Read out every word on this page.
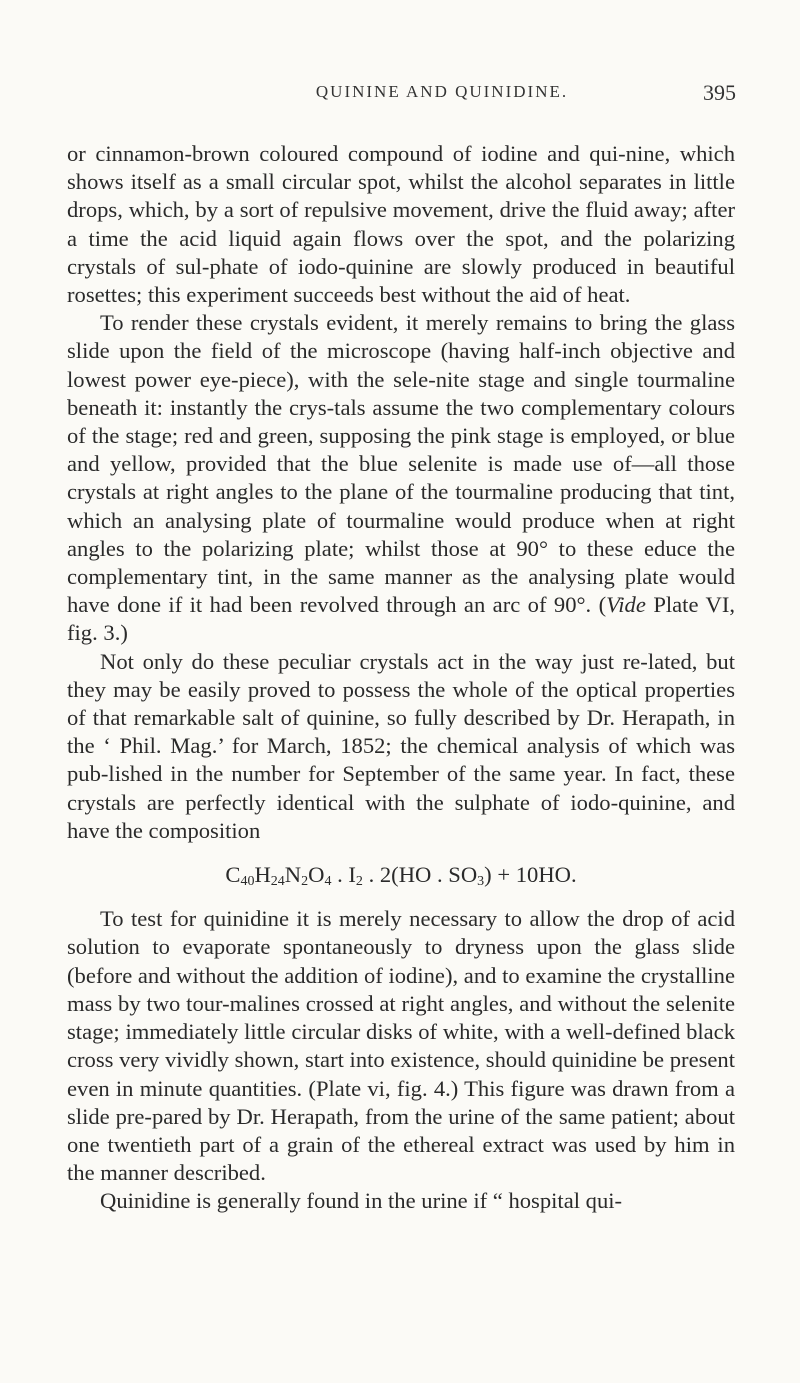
QUININE AND QUINIDINE.	395

or cinnamon-brown coloured compound of iodine and qui-nine, which shows itself as a small circular spot, whilst the alcohol separates in little drops, which, by a sort of repulsive movement, drive the fluid away; after a time the acid liquid again flows over the spot, and the polarizing crystals of sul-phate of iodo-quinine are slowly produced in beautiful rosettes; this experiment succeeds best without the aid of heat.

To render these crystals evident, it merely remains to bring the glass slide upon the field of the microscope (having half-inch objective and lowest power eye-piece), with the sele-nite stage and single tourmaline beneath it: instantly the crys-tals assume the two complementary colours of the stage; red and green, supposing the pink stage is employed, or blue and yellow, provided that the blue selenite is made use of—all those crystals at right angles to the plane of the tourmaline producing that tint, which an analysing plate of tourmaline would produce when at right angles to the polarizing plate; whilst those at 90° to these educe the complementary tint, in the same manner as the analysing plate would have done if it had been revolved through an arc of 90°. (Vide Plate VI, fig. 3.)

Not only do these peculiar crystals act in the way just re-lated, but they may be easily proved to possess the whole of the optical properties of that remarkable salt of quinine, so fully described by Dr. Herapath, in the ‘ Phil. Mag.’ for March, 1852; the chemical analysis of which was pub-lished in the number for September of the same year. In fact, these crystals are perfectly identical with the sulphate of iodo-quinine, and have the composition

$C_{40}H_{24}N_2O_4$ . $I_2$ . 2(HO . $SO_3) + 10HO$.

To test for quinidine it is merely necessary to allow the drop of acid solution to evaporate spontaneously to dryness upon the glass slide (before and without the addition of iodine), and to examine the crystalline mass by two tour-malines crossed at right angles, and without the selenite stage; immediately little circular disks of white, with a well-defined black cross very vividly shown, start into existence, should quinidine be present even in minute quantities. (Plate vi, fig. 4.) This figure was drawn from a slide pre-pared by Dr. Herapath, from the urine of the same patient; about one twentieth part of a grain of the ethereal extract was used by him in the manner described.

Quinidine is generally found in the urine if “ hospital qui-
